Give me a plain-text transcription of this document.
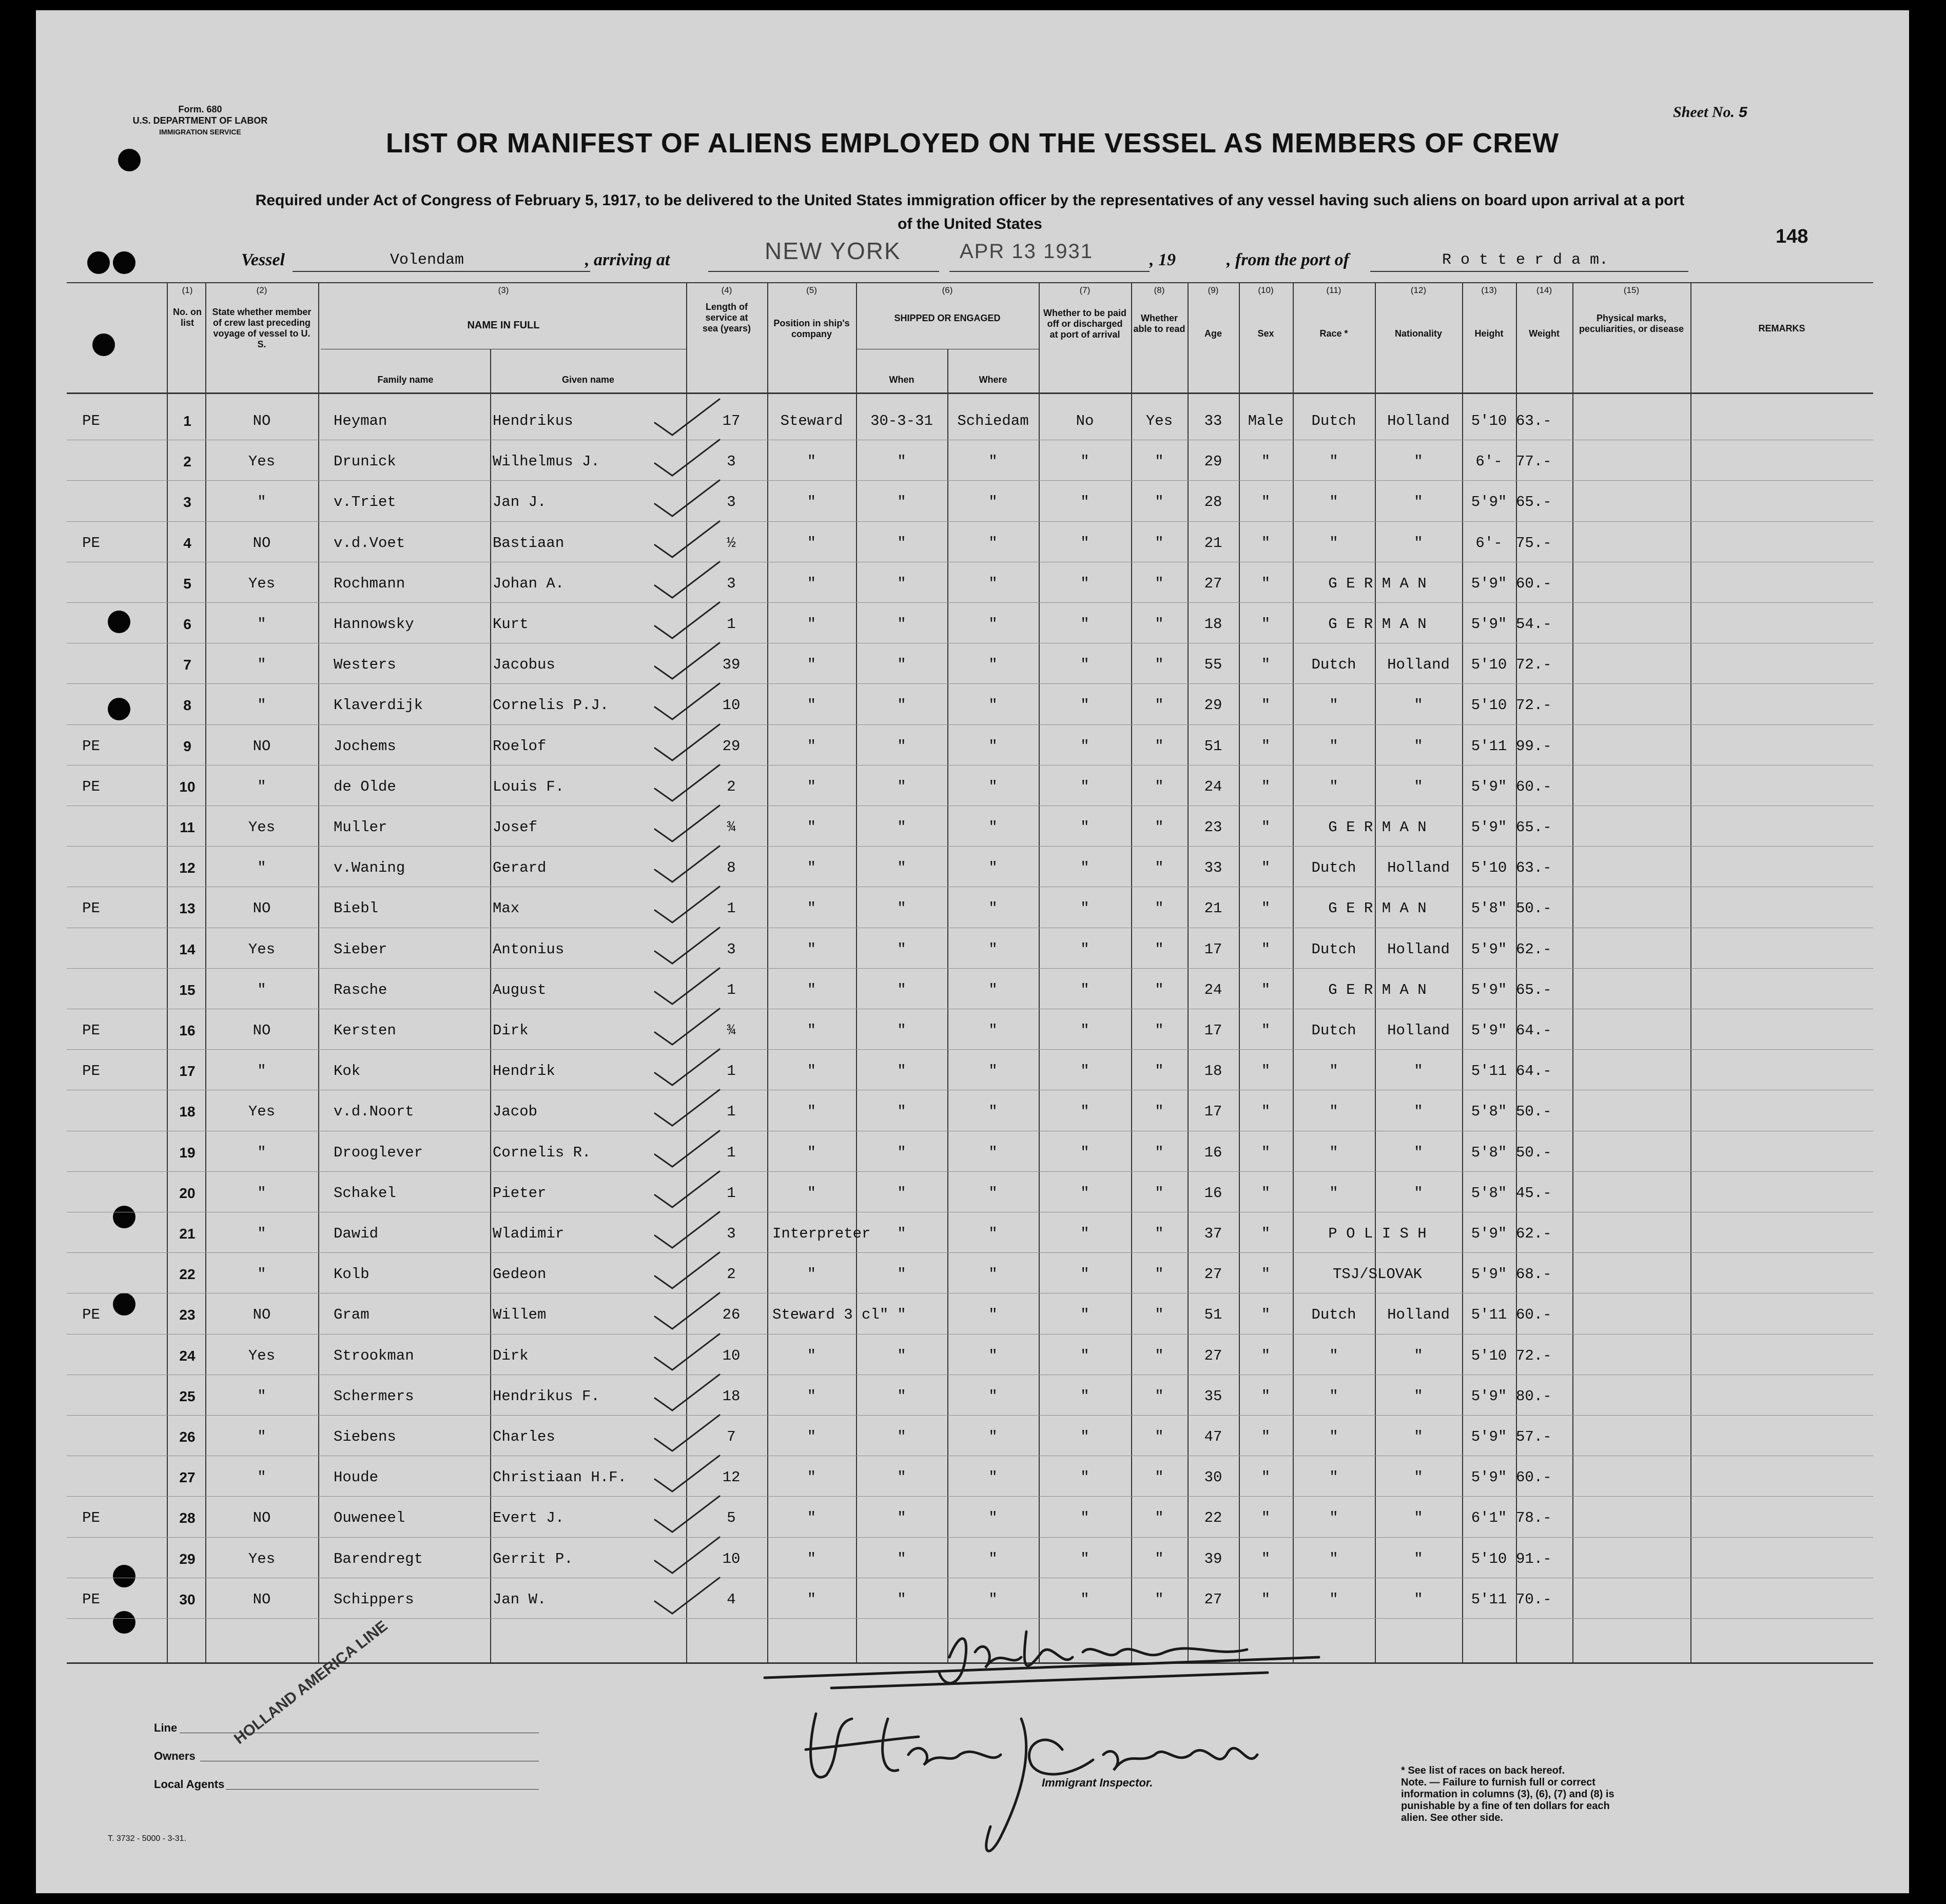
Form. 680
U.S. DEPARTMENT OF LABOR
IMMIGRATION SERVICE
Sheet No. 5
LIST OR MANIFEST OF ALIENS EMPLOYED ON THE VESSEL AS MEMBERS OF CREW
Required under Act of Congress of February 5, 1917, to be delivered to the United States immigration officer by the representatives of any vessel having such aliens on board upon arrival at a port
of the United States
148
Vessel	Volendam	, arriving at	NEW YORK	APR 13 1931	, 19	, from the port of	R o t t e r d a m.
(1)
No. on list
(2)
State whether member of crew last preceding voyage of vessel to U. S.
(3)
NAME IN FULL
Family name	Given name
(4)
Length of service at sea (years)
(5)
Position in ship's company
(6)
SHIPPED OR ENGAGED
When	Where
(7)
Whether to be paid off or discharged at port of arrival
(8)
Whether able to read
(9)
Age
(10)
Sex
(11)
Race *
(12)
Nationality
(13)
Height
(14)
Weight
(15)
Physical marks, peculiarities, or disease	REMARKS
PE	1	NO	Heyman	Hendrikus	17	Steward	30-3-31	Schiedam	No	Yes	33	Male	Dutch	Holland	5'10 63.-
2	Yes	Drunick	Wilhelmus J.	3	"	"	"	"	"	29	"	"	"	6'- 77.-
3	"	v.Triet	Jan J.	3	"	"	"	"	"	28	"	"	"	5'9" 65.-
PE	4	NO	v.d.Voet	Bastiaan	½	"	"	"	"	"	21	"	"	"	6'- 75.-
5	Yes	Rochmann	Johan A.	3	"	"	"	"	"	27	"	G E R M A N	5'9" 60.-
6	"	Hannowsky	Kurt	1	"	"	"	"	"	18	"	G E R M A N	5'9" 54.-
7	"	Westers	Jacobus	39	"	"	"	"	"	55	"	Dutch	Holland	5'10 72.-
8	"	Klaverdijk	Cornelis P.J.	10	"	"	"	"	"	29	"	"	"	5'10 72.-
PE	9	NO	Jochems	Roelof	29	"	"	"	"	"	51	"	"	"	5'11 99.-
PE	10	"	de Olde	Louis F.	2	"	"	"	"	"	24	"	"	"	5'9" 60.-
11	Yes	Muller	Josef	¾	"	"	"	"	"	23	"	G E R M A N	5'9" 65.-
12	"	v.Waning	Gerard	8	"	"	"	"	"	33	"	Dutch	Holland	5'10 63.-
PE	13	NO	Biebl	Max	1	"	"	"	"	"	21	"	G E R M A N	5'8" 50.-
14	Yes	Sieber	Antonius	3	"	"	"	"	"	17	"	Dutch	Holland	5'9" 62.-
15	"	Rasche	August	1	"	"	"	"	"	24	"	G E R M A N	5'9" 65.-
PE	16	NO	Kersten	Dirk	¾	"	"	"	"	"	17	"	Dutch	Holland	5'9" 64.-
PE	17	"	Kok	Hendrik	1	"	"	"	"	"	18	"	"	"	5'11 64.-
18	Yes	v.d.Noort	Jacob	1	"	"	"	"	"	17	"	"	"	5'8" 50.-
19	"	Drooglever	Cornelis R.	1	"	"	"	"	"	16	"	"	"	5'8" 50.-
20	"	Schakel	Pieter	1	"	"	"	"	"	16	"	"	"	5'8" 45.-
21	"	Dawid	Wladimir	3	Interpreter	"	"	"	"	37	"	P O L I S H	5'9" 62.-
22	"	Kolb	Gedeon	2	"	"	"	"	"	27	"	TSJ/SLOVAK	5'9" 68.-
PE	23	NO	Gram	Willem	26	Steward 3 cl" "	"	"	"	51	"	Dutch	Holland	5'11 60.-
24	Yes	Strookman	Dirk	10	"	"	"	"	"	27	"	"	"	5'10 72.-
25	"	Schermers	Hendrikus F.	18	"	"	"	"	"	35	"	"	"	5'9" 80.-
26	"	Siebens	Charles	7	"	"	"	"	"	47	"	"	"	5'9" 57.-
27	"	Houde	Christiaan H.F.	12	"	"	"	"	"	30	"	"	"	5'9" 60.-
PE	28	NO	Ouweneel	Evert J.	5	"	"	"	"	"	22	"	"	"	6'1" 78.-
29	Yes	Barendregt	Gerrit P.	10	"	"	"	"	"	39	"	"	"	5'10 91.-
PE	30	NO	Schippers	Jan W.	4	"	"	"	"	"	27	"	"	"	5'11 70.-
Line
Owners
Local Agents
HOLLAND AMERICA LINE
T. 3732 - 5000 - 3-31.
Immigrant Inspector.
* See list of races on back hereof.
Note. — Failure to furnish full or correct information in columns (3), (6), (7) and (8) is punishable by a fine of ten dollars for each alien. See other side.
